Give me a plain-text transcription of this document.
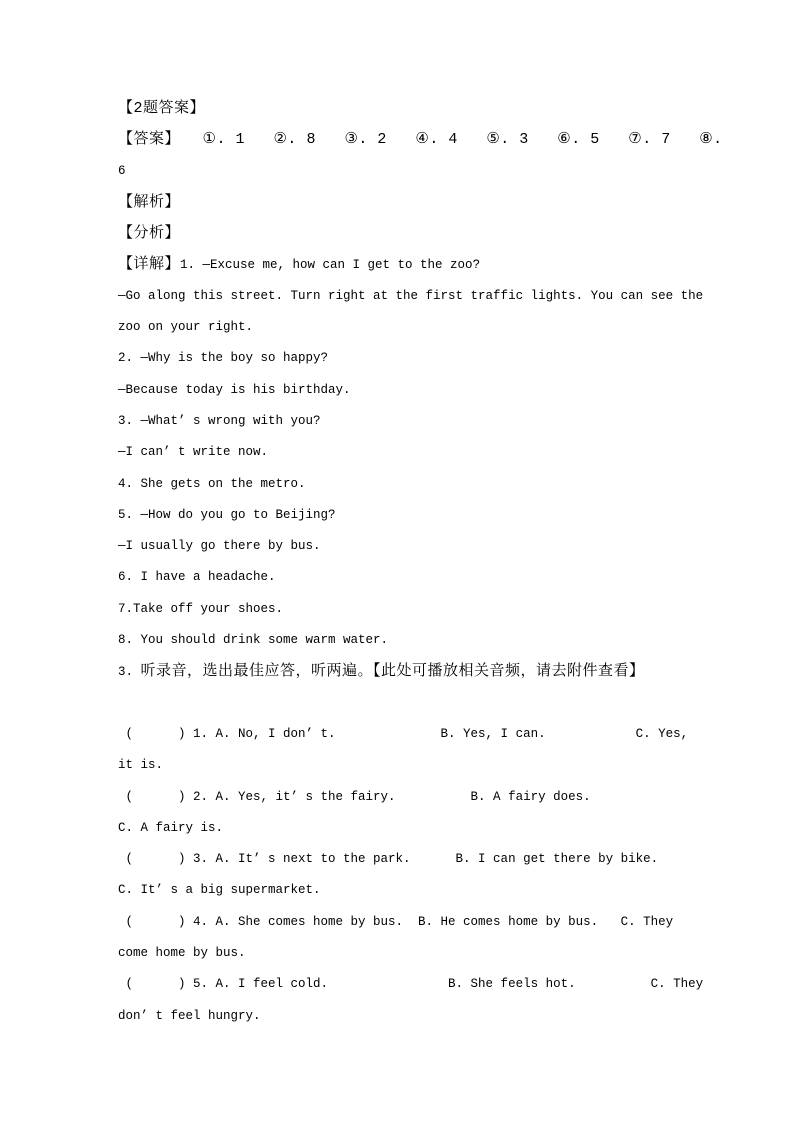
【2题答案】
【答案】 ①. 1   ②. 8   ③. 2   ④. 4   ⑤. 3   ⑥. 5   ⑦. 7   ⑧.
6
【解析】
【分析】
【详解】1. —Excuse me, how can I get to the zoo?
—Go along this street. Turn right at the first traffic lights. You can see the
zoo on your right.
2. —Why is the boy so happy?
—Because today is his birthday.
3. —What’ s wrong with you?
—I can’ t write now.
4. She gets on the metro.
5. —How do you go to Beijing?
—I usually go there by bus.
6. I have a headache.
7.Take off your shoes.
8. You should drink some warm water.
3. 听录音，选出最佳应答，听两遍。【此处可播放相关音频，请去附件查看】

(      ) 1. A. No, I don’ t.              B. Yes, I can.            C. Yes,
it is.
(      ) 2. A. Yes, it’ s the fairy.          B. A fairy does.
C. A fairy is.
(      ) 3. A. It’ s next to the park.      B. I can get there by bike.
C. It’ s a big supermarket.
(      ) 4. A. She comes home by bus.  B. He comes home by bus.   C. They
come home by bus.
(      ) 5. A. I feel cold.                B. She feels hot.          C. They
don’ t feel hungry.
